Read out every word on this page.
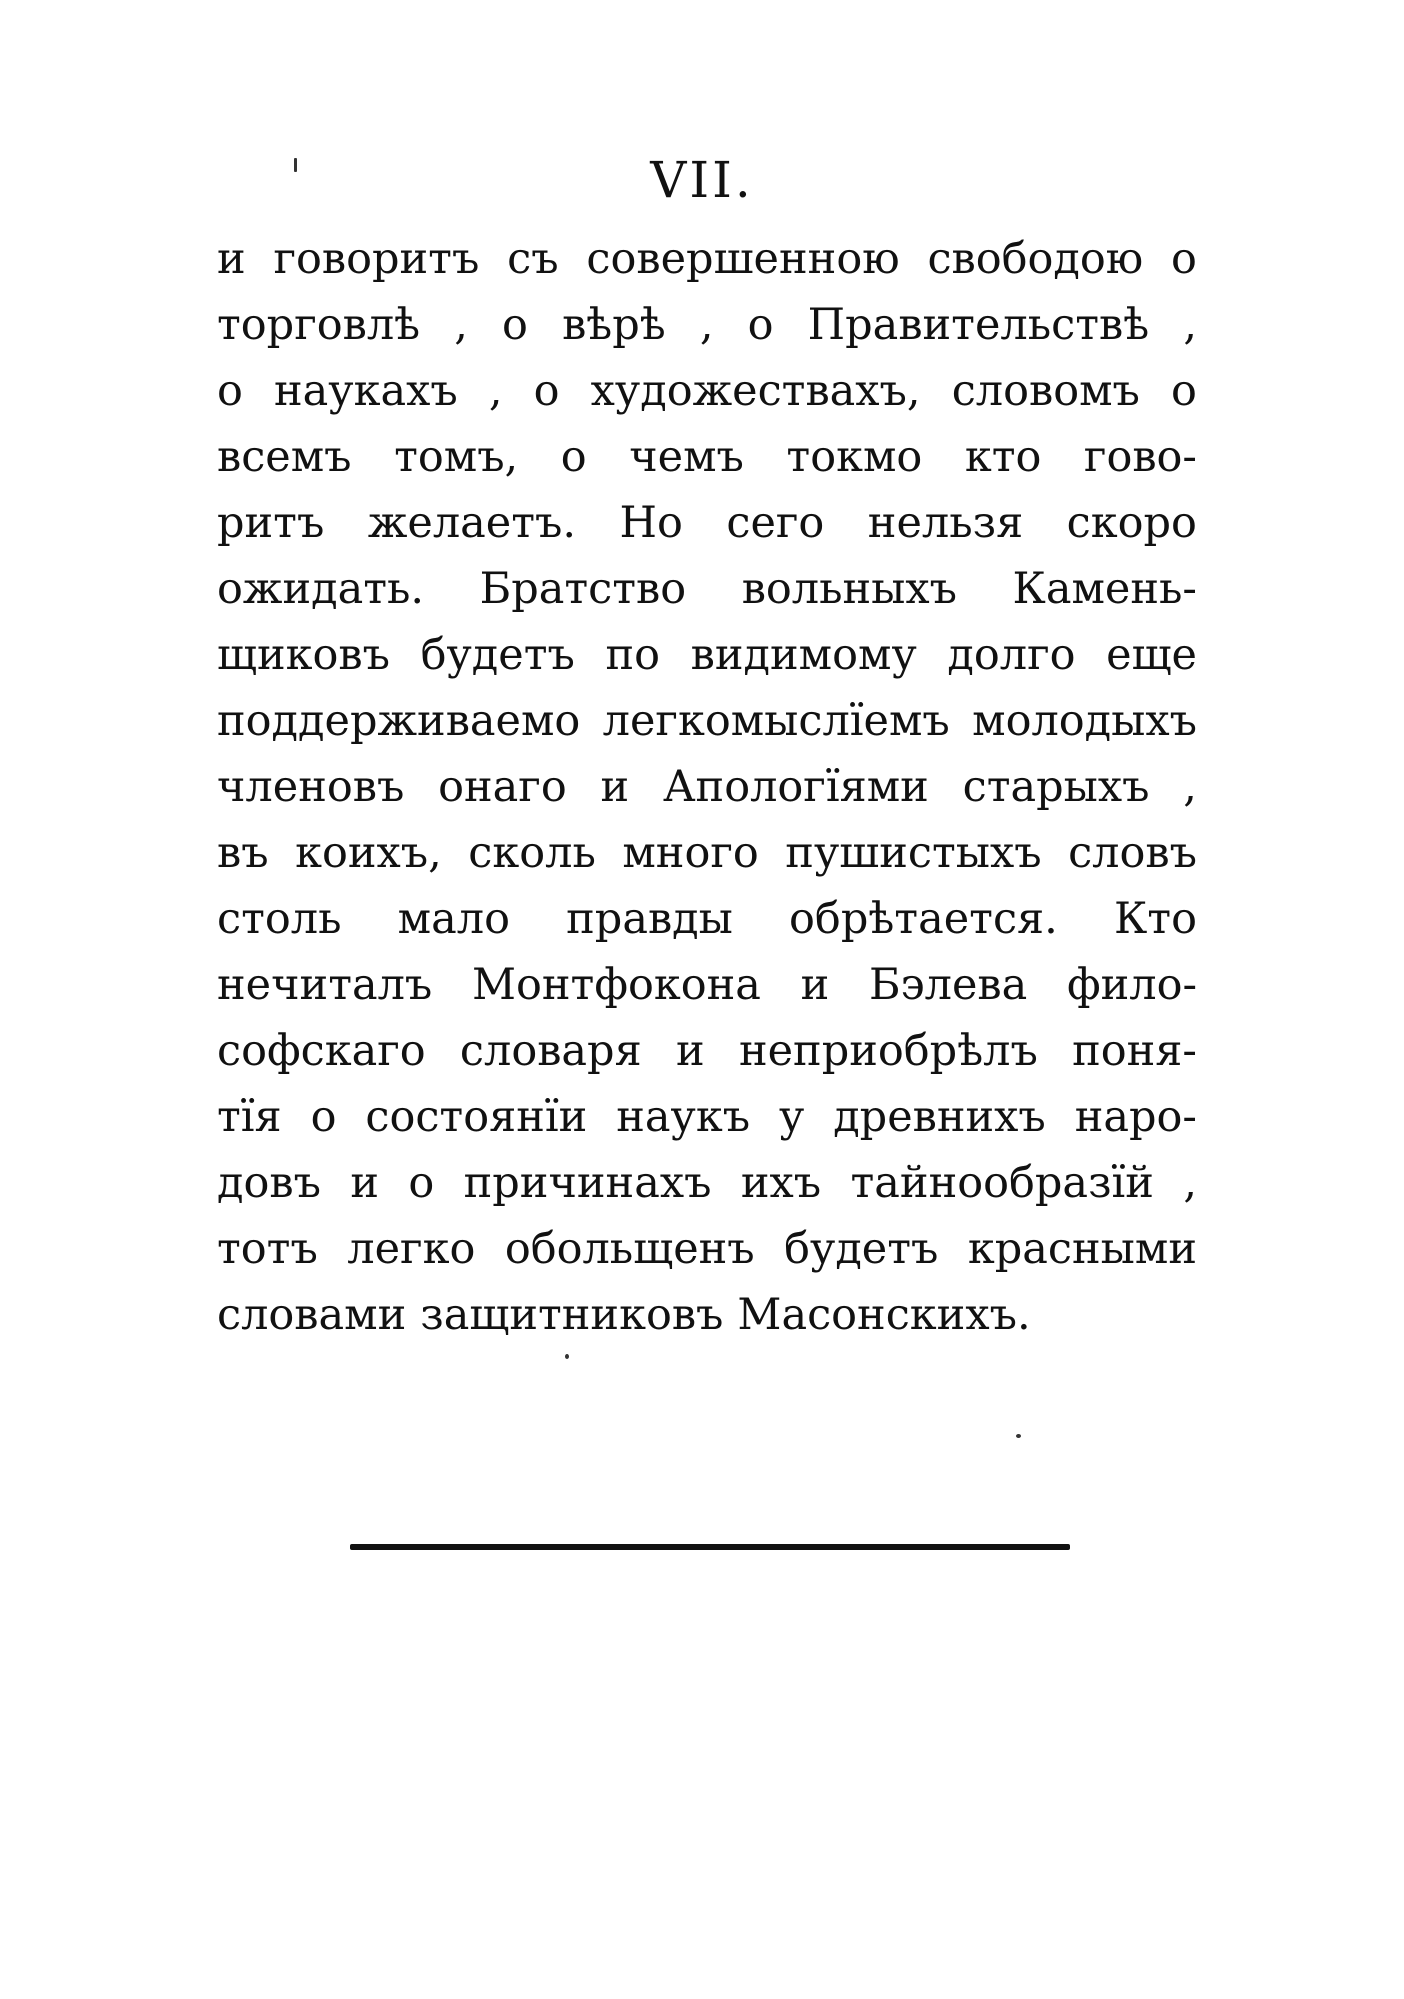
VII.
и говоритъ съ совершенною свободою о
торговлѣ , о вѣрѣ , о Правительствѣ ,
о наукахъ , о художествахъ, словомъ о
всемъ томъ, о чемъ токмо кто гово-
ритъ желаетъ. Но сего нельзя скоро
ожидать. Братство вольныхъ Камень-
щиковъ будетъ по видимому долго еще
поддерживаемо легкомыслїемъ молодыхъ
членовъ онаго и Апологїями старыхъ ,
въ коихъ, сколь много пушистыхъ словъ
столь мало правды обрѣтается. Кто
нечиталъ Монтфокона и Бэлева фило-
софскаго словаря и неприобрѣлъ поня-
тїя о состоянїи наукъ у древнихъ наро-
довъ и о причинахъ ихъ тайнообразїй ,
тотъ легко обольщенъ будетъ красными
словами защитниковъ Масонскихъ.
